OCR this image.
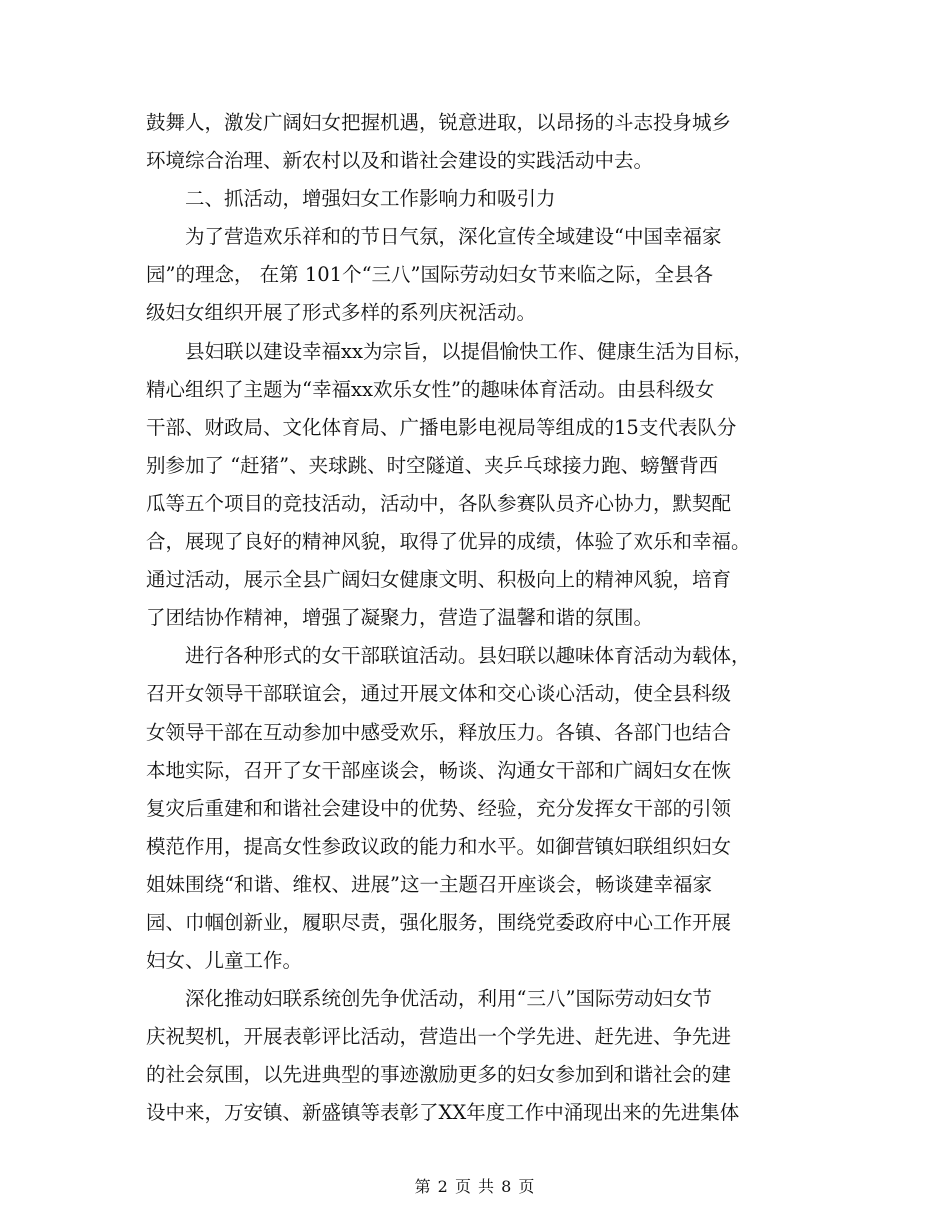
鼓舞人，激发广阔妇女把握机遇，锐意进取，以昂扬的斗志投身城乡
环境综合治理、新农村以及和谐社会建设的实践活动中去。
　　二、抓活动，增强妇女工作影响力和吸引力
　　为了营造欢乐祥和的节日气氛，深化宣传全域建设“中国幸福家
园”的理念， 在第 101个“三八”国际劳动妇女节来临之际，全县各
级妇女组织开展了形式多样的系列庆祝活动。
　　县妇联以建设幸福xx为宗旨，以提倡愉快工作、健康生活为目标，
精心组织了主题为“幸福xx欢乐女性”的趣味体育活动。由县科级女
干部、财政局、文化体育局、广播电影电视局等组成的15支代表队分
别参加了 “赶猪”、夹球跳、时空隧道、夹乒乓球接力跑、螃蟹背西
瓜等五个项目的竞技活动，活动中，各队参赛队员齐心协力，默契配
合，展现了良好的精神风貌，取得了优异的成绩，体验了欢乐和幸福。
通过活动，展示全县广阔妇女健康文明、积极向上的精神风貌，培育
了团结协作精神，增强了凝聚力，营造了温馨和谐的氛围。
　　进行各种形式的女干部联谊活动。县妇联以趣味体育活动为载体，
召开女领导干部联谊会，通过开展文体和交心谈心活动，使全县科级
女领导干部在互动参加中感受欢乐，释放压力。各镇、各部门也结合
本地实际，召开了女干部座谈会，畅谈、沟通女干部和广阔妇女在恢
复灾后重建和和谐社会建设中的优势、经验，充分发挥女干部的引领
模范作用，提高女性参政议政的能力和水平。如御营镇妇联组织妇女
姐妹围绕“和谐、维权、进展”这一主题召开座谈会，畅谈建幸福家
园、巾帼创新业，履职尽责，强化服务，围绕党委政府中心工作开展
妇女、儿童工作。
　　深化推动妇联系统创先争优活动，利用“三八”国际劳动妇女节
庆祝契机，开展表彰评比活动，营造出一个学先进、赶先进、争先进
的社会氛围，以先进典型的事迹激励更多的妇女参加到和谐社会的建
设中来，万安镇、新盛镇等表彰了XX年度工作中涌现出来的先进集体
第 2 页 共 8 页
